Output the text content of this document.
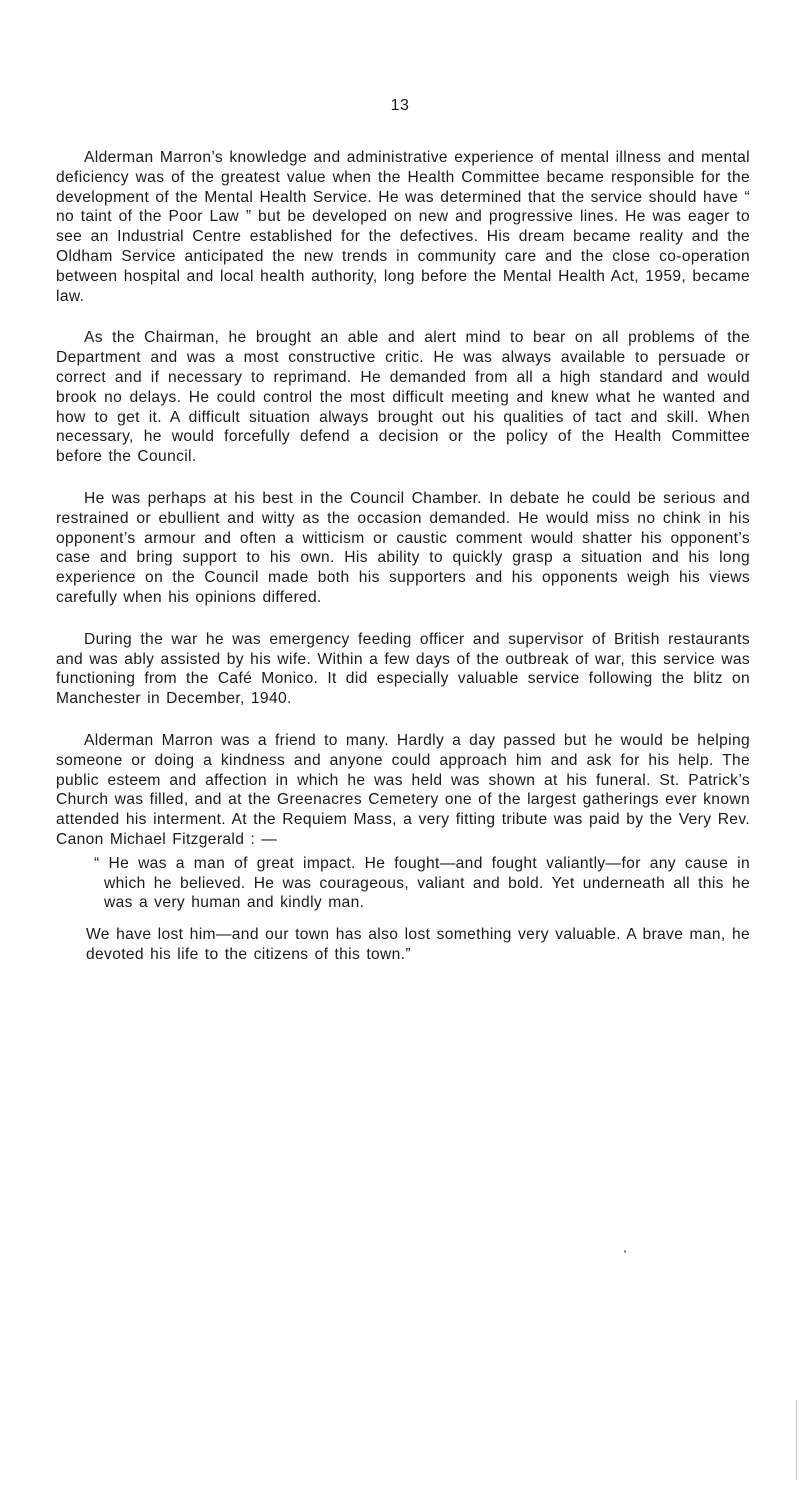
13

Alderman Marron’s knowledge and administrative experience of mental illness and mental deficiency was of the greatest value when the Health Committee became responsible for the development of the Mental Health Service. He was determined that the service should have “ no taint of the Poor Law ” but be developed on new and progressive lines. He was eager to see an Industrial Centre established for the defectives. His dream became reality and the Oldham Service anticipated the new trends in community care and the close co-operation between hospital and local health authority, long before the Mental Health Act, 1959, became law.

As the Chairman, he brought an able and alert mind to bear on all problems of the Department and was a most constructive critic. He was always available to persuade or correct and if necessary to reprimand. He demanded from all a high standard and would brook no delays. He could control the most difficult meeting and knew what he wanted and how to get it. A difficult situation always brought out his qualities of tact and skill. When necessary, he would forcefully defend a decision or the policy of the Health Committee before the Council.

He was perhaps at his best in the Council Chamber. In debate he could be serious and restrained or ebullient and witty as the occasion demanded. He would miss no chink in his opponent’s armour and often a witticism or caustic comment would shatter his opponent’s case and bring support to his own. His ability to quickly grasp a situation and his long experience on the Council made both his supporters and his opponents weigh his views carefully when his opinions differed.

During the war he was emergency feeding officer and supervisor of British restaurants and was ably assisted by his wife. Within a few days of the outbreak of war, this service was functioning from the Café Monico. It did especially valuable service following the blitz on Manchester in December, 1940.

Alderman Marron was a friend to many. Hardly a day passed but he would be helping someone or doing a kindness and anyone could approach him and ask for his help. The public esteem and affection in which he was held was shown at his funeral. St. Patrick’s Church was filled, and at the Greenacres Cemetery one of the largest gatherings ever known attended his interment. At the Requiem Mass, a very fitting tribute was paid by the Very Rev. Canon Michael Fitzgerald : —

“ He was a man of great impact. He fought—and fought valiantly—for any cause in which he believed. He was courageous, valiant and bold. Yet underneath all this he was a very human and kindly man.

We have lost him—and our town has also lost something very valuable. A brave man, he devoted his life to the citizens of this town.”
